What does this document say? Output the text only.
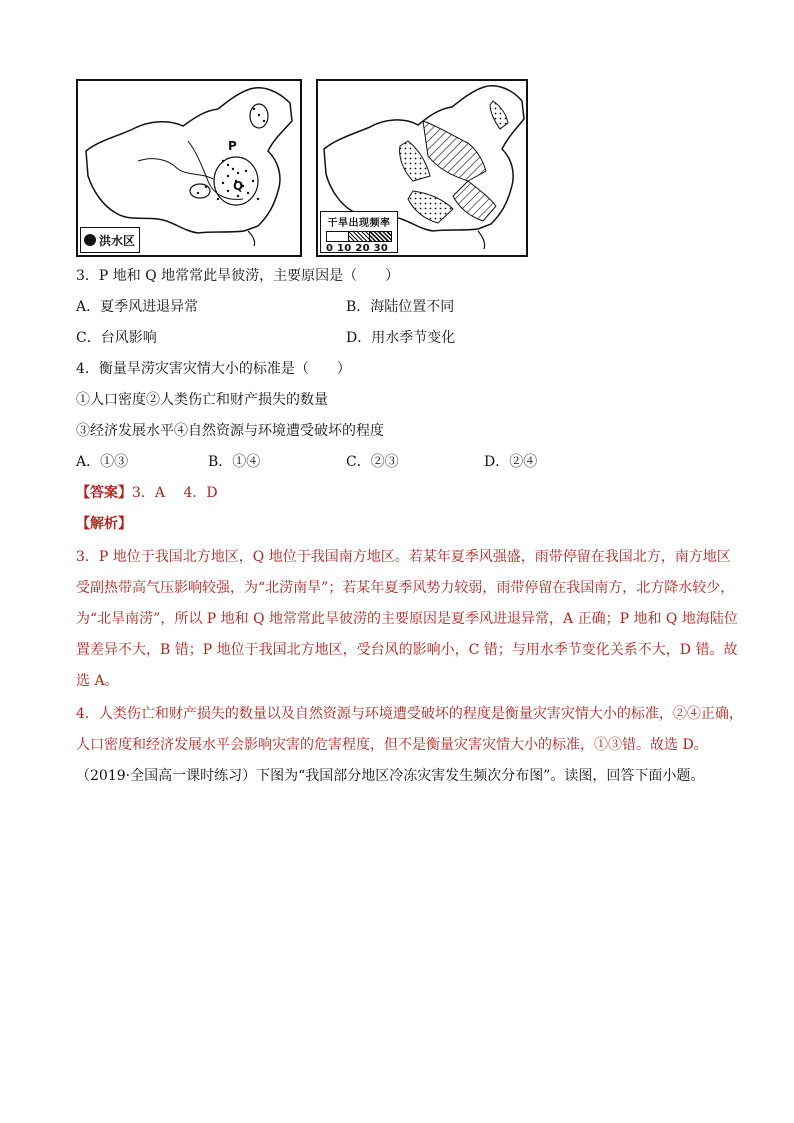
P
Q
洪水区
干旱出现频率
0 10 20 30
3．P 地和 Q 地常常此旱彼涝，主要原因是（　　）
A．夏季风进退异常	B．海陆位置不同
C．台风影响	D．用水季节变化
4．衡量旱涝灾害灾情大小的标准是（　　）
①人口密度②人类伤亡和财产损失的数量
③经济发展水平④自然资源与环境遭受破坏的程度
A．①③	B．①④	C．②③	D．②④
【答案】3．A　 4．D
【解析】
3．P 地位于我国北方地区，Q 地位于我国南方地区。若某年夏季风强盛，雨带停留在我国北方，南方地区
受副热带高气压影响较强，为“北涝南旱”；若某年夏季风势力较弱，雨带停留在我国南方，北方降水较少，
为“北旱南涝”，所以 P 地和 Q 地常常此旱彼涝的主要原因是夏季风进退异常，A 正确；P 地和 Q 地海陆位
置差异不大，B 错；P 地位于我国北方地区，受台风的影响小，C 错；与用水季节变化关系不大，D 错。故
选 A。
4．人类伤亡和财产损失的数量以及自然资源与环境遭受破坏的程度是衡量灾害灾情大小的标准，②④正确，
人口密度和经济发展水平会影响灾害的危害程度，但不是衡量灾害灾情大小的标准，①③错。故选 D。
（2019·全国高一课时练习）下图为“我国部分地区冷冻灾害发生频次分布图”。读图，回答下面小题。
